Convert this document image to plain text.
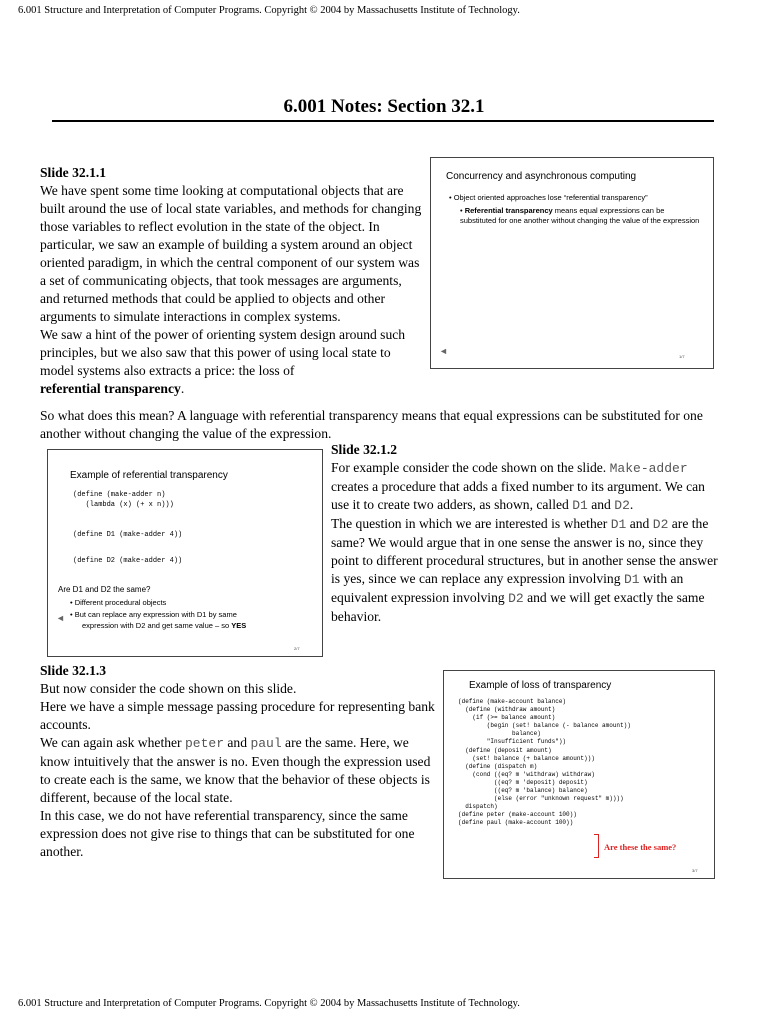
6.001 Structure and Interpretation of Computer Programs. Copyright © 2004 by Massachusetts Institute of Technology.
6.001 Notes: Section 32.1

Slide 32.1.1

We have spent some time looking at computational objects that are built around the use of local state variables, and methods for changing those variables to reflect evolution in the state of the object. In particular, we saw an example of building a system around an object oriented paradigm, in which the central component of our system was a set of communicating objects, that took messages are arguments, and returned methods that could be applied to objects and other arguments to simulate interactions in complex systems.

We saw a hint of the power of orienting system design around such principles, but we also saw that this power of using local state to model systems also extracts a price: the loss of
referential transparency.

So what does this mean? A language with referential transparency means that equal expressions can be substituted for one another without changing the value of the expression.
Concurrency and asynchronous computing
• Object oriented approaches lose “referential transparency”
• Referential transparency means equal expressions can be substituted for one another without changing the value of the expression
◄
1/7
Example of referential transparency
(define (make-adder n)
(lambda (x) (+ x n)))
(define D1 (make-adder 4))
(define D2 (make-adder 4))
Are D1 and D2 the same?
• Different procedural objects
• But can replace any expression with D1 by same
expression with D2 and get same value – so YES
◄
2/7

Slide 32.1.2

For example consider the code shown on the slide. Make-adder creates a procedure that adds a fixed number to its argument. We can use it to create two adders, as shown, called D1 and D2.

The question in which we are interested is whether D1 and D2 are the same? We would argue that in one sense the answer is no, since they point to different procedural structures, but in another sense the answer is yes, since we can replace any expression involving D1 with an equivalent expression involving D2 and we will get exactly the same behavior.

Slide 32.1.3

But now consider the code shown on this slide.

Here we have a simple message passing procedure for representing bank accounts.

We can again ask whether peter and paul are the same. Here, we know intuitively that the answer is no. Even though the expression used to create each is the same, we know that the behavior of these objects is different, because of the local state.

In this case, we do not have referential transparency, since the same expression does not give rise to things that can be substituted for one another.

Example of loss of transparency
(define (make-account balance)
(define (withdraw amount)
(if (>= balance amount)
(begin (set! balance (- balance amount))
balance)
"Insufficient funds"))
(define (deposit amount)
(set! balance (+ balance amount)))
(define (dispatch m)
(cond ((eq? m 'withdraw) withdraw)
((eq? m 'deposit) deposit)
((eq? m 'balance) balance)
(else (error "unknown request" m))))
dispatch)
(define peter (make-account 100))
(define paul (make-account 100))
Are these the same?
3/7
6.001 Structure and Interpretation of Computer Programs. Copyright © 2004 by Massachusetts Institute of Technology.
